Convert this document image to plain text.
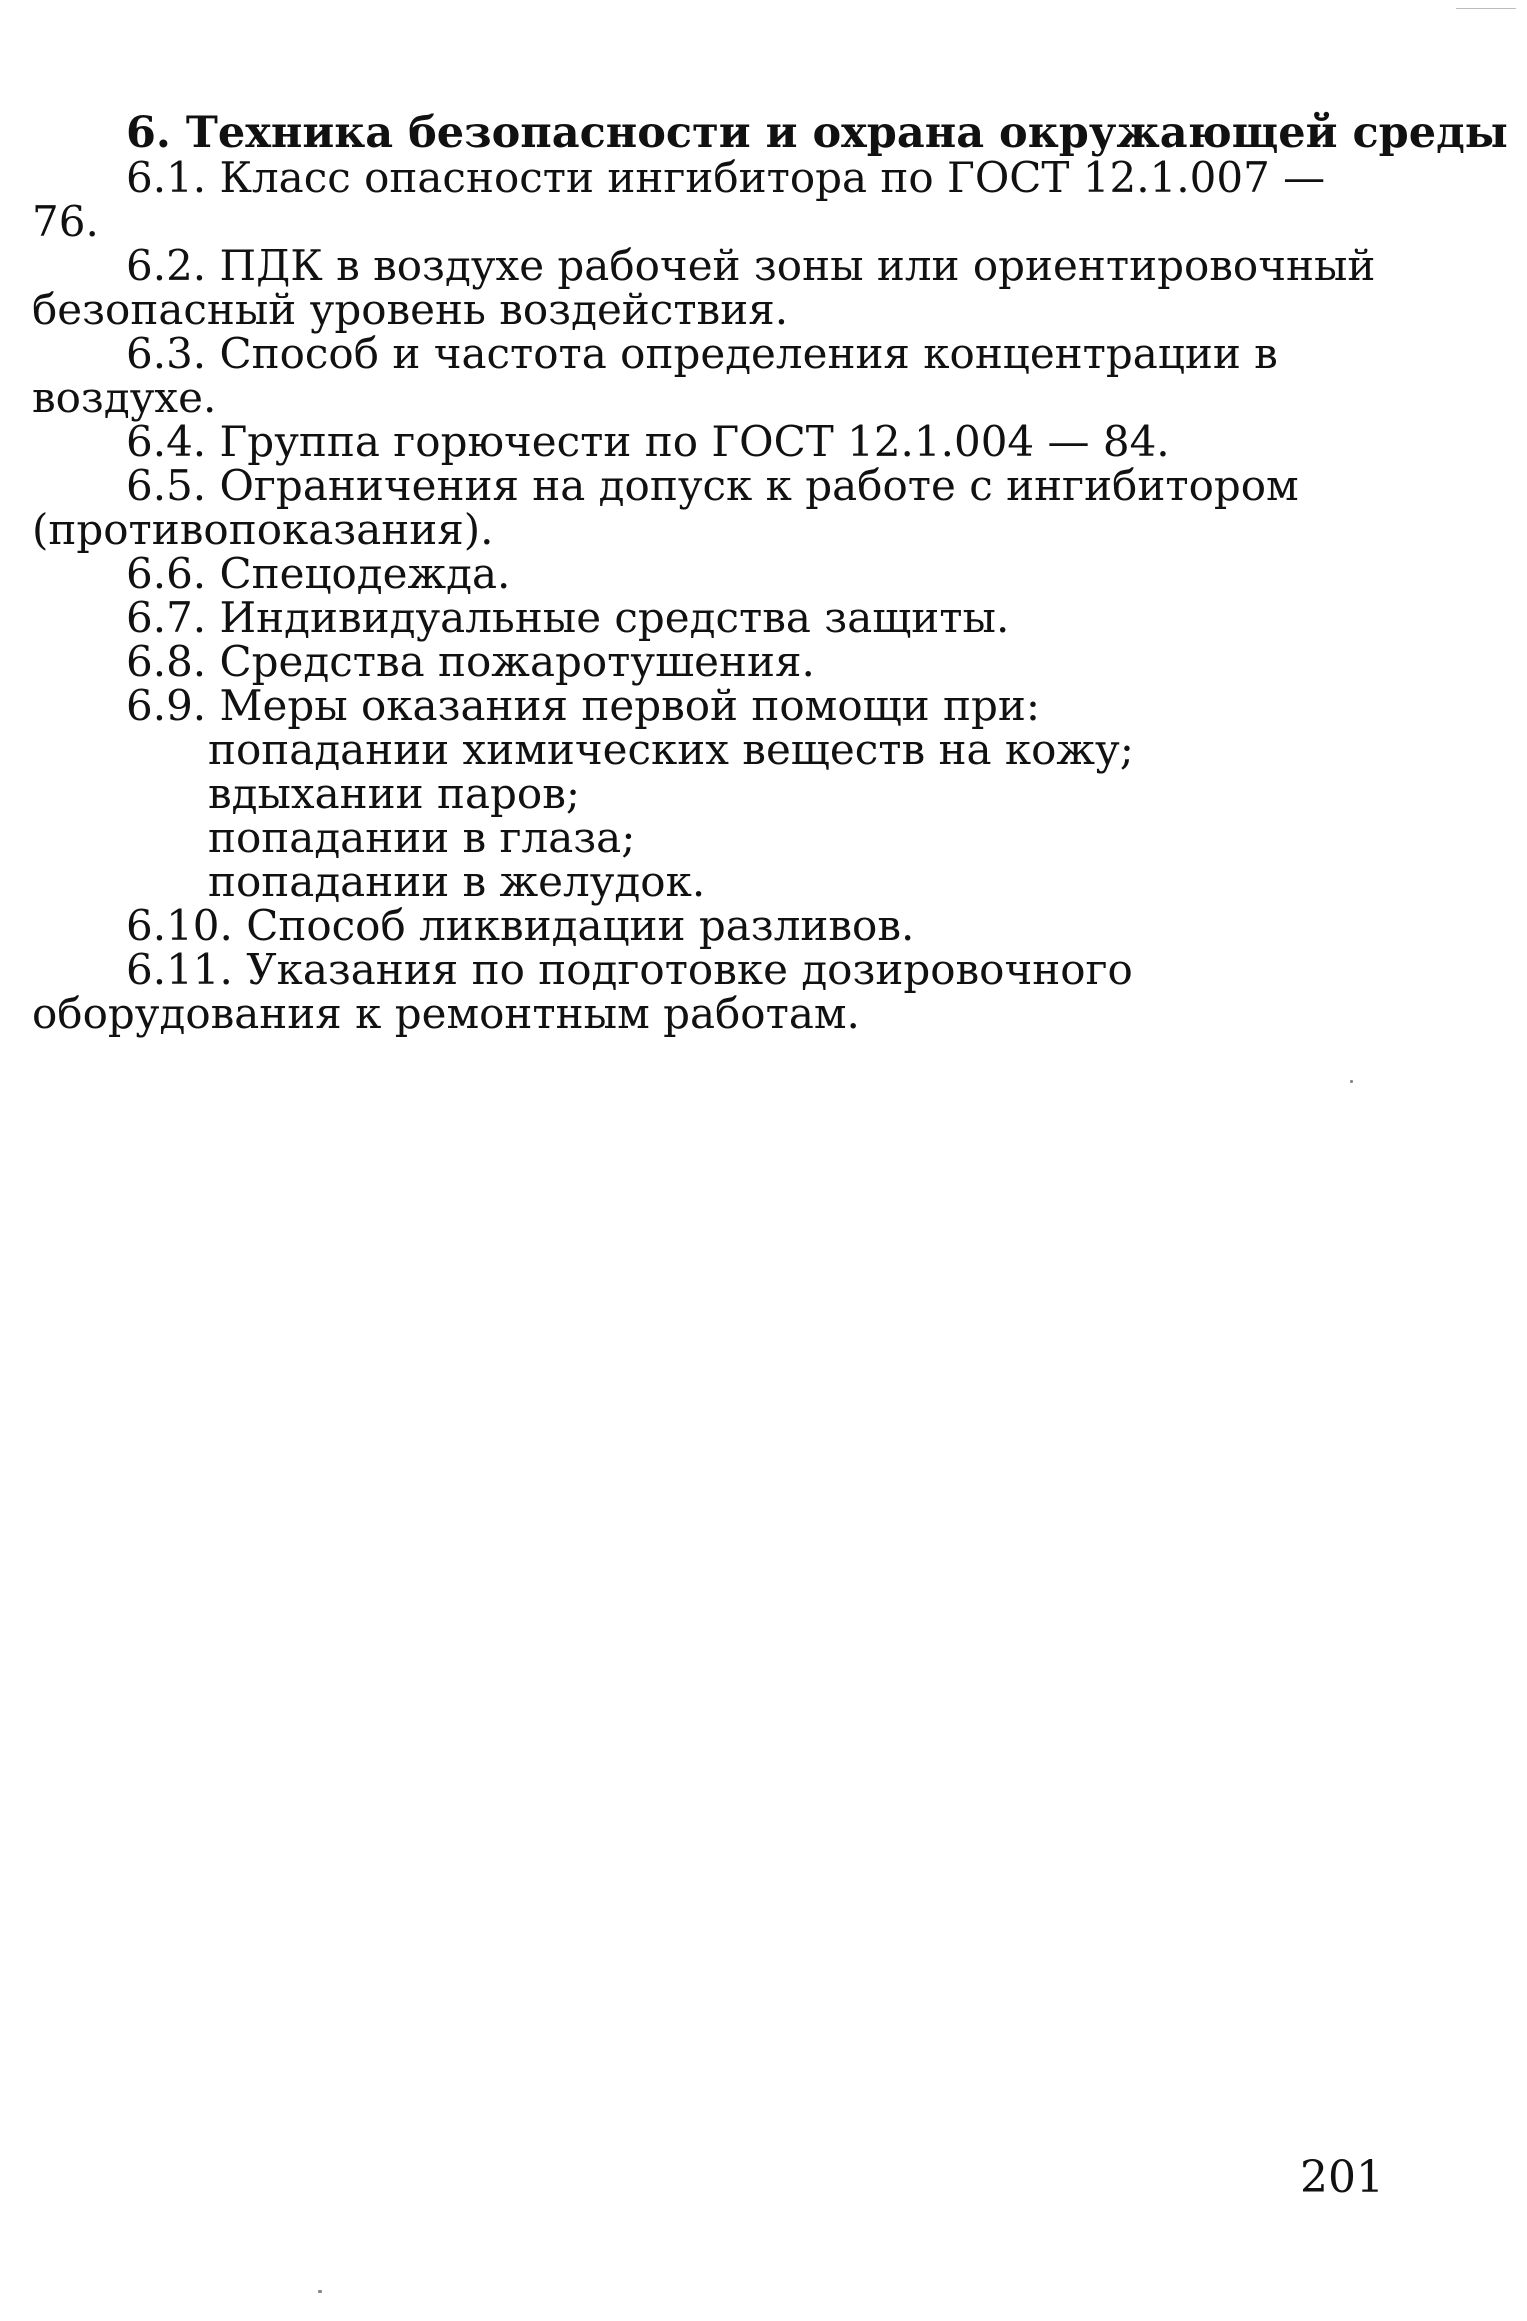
6. Техника безопасности и охрана окружающей среды

6.1. Класс опасности ингибитора по ГОСТ 12.1.007 — 76.

6.2. ПДК в воздухе рабочей зоны или ориентировочный безопасный уровень воздействия.

6.3. Способ и частота определения концентрации в воздухе.

6.4. Группа горючести по ГОСТ 12.1.004 — 84.

6.5. Ограничения на допуск к работе с ингибитором (противопоказания).

6.6. Спецодежда.

6.7. Индивидуальные средства защиты.

6.8. Средства пожаротушения.

6.9. Меры оказания первой помощи при:

попадании химических веществ на кожу;

вдыхании паров;

попадании в глаза;

попадании в желудок.

6.10. Способ ликвидации разливов.

6.11. Указания по подготовке дозировочного оборудования к ремонтным работам.

201
